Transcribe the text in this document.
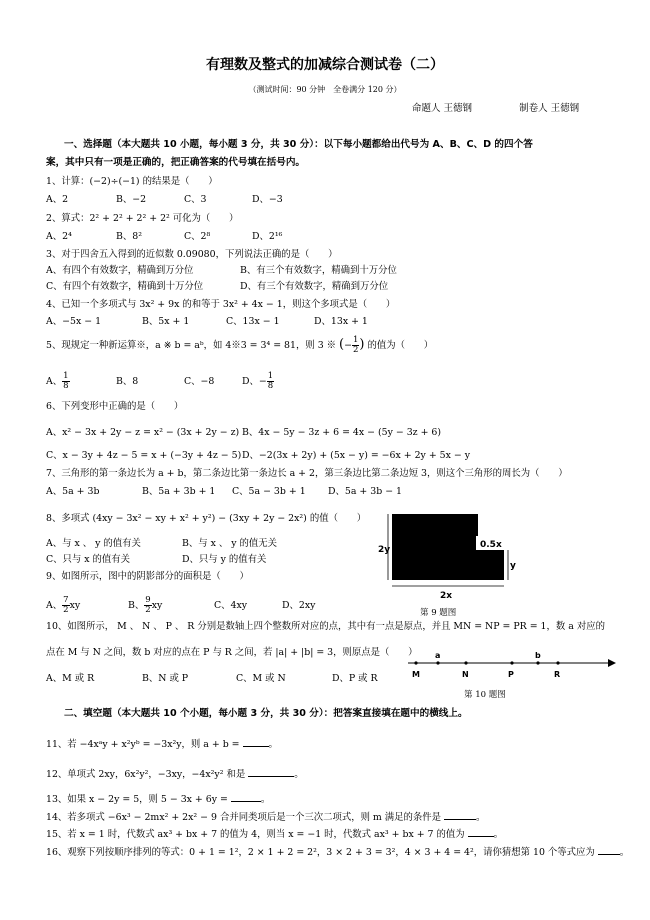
有理数及整式的加减综合测试卷（二）
（测试时间：90 分钟　全卷满分 120 分）
命题人 王德钢	制卷人 王德钢
一、选择题（本大题共 10 小题，每小题 3 分，共 30 分）：以下每小题都给出代号为 A、B、C、D 的四个答
案，其中只有一项是正确的，把正确答案的代号填在括号内。
1、计算：(−2)÷(−1) 的结果是（　　）
A、2	B、−2	C、3	D、−3
2、算式：2² + 2² + 2² + 2² 可化为（　　）
A、2⁴	B、8²	C、2⁸	D、2¹⁶
3、对于四舍五入得到的近似数 0.09080，下列说法正确的是（　　）
A、有四个有效数字，精确到万分位	B、有三个有效数字，精确到十万分位
C、有四个有效数字，精确到十万分位	D、有三个有效数字，精确到万分位
4、已知一个多项式与 3x² + 9x 的和等于 3x² + 4x − 1，则这个多项式是（　　）
A、−5x − 1	B、5x + 1	C、13x − 1	D、13x + 1
5、现规定一种新运算※，a ※ b = aᵇ，如 4※3 = 3⁴ = 81，则 3 ※ (− $\frac{1}{2}$ ) 的值为（　　）
A、 $\frac{1}{8}$	B、8	C、−8	D、− $\frac{1}{8}$
6、下列变形中正确的是（　　）
A、x² − 3x + 2y − z = x² − (3x + 2y − z) B、4x − 5y − 3z + 6 = 4x − (5y − 3z + 6)
C、x − 3y + 4z − 5 = x + (−3y + 4z − 5)D、−2(3x + 2y) + (5x − y) = −6x + 2y + 5x − y
7、三角形的第一条边长为 a + b，第二条边比第一条边长 a + 2，第三条边比第二条边短 3，则这个三角形的周长为（　　）
A、5a + 3b	B、5a + 3b + 1 C、5a − 3b + 1 D、5a + 3b − 1
8、多项式 (4xy − 3x² − xy + x² + y²) − (3xy + 2y − 2x²) 的值（　　）
A、与 x 、 y 的值有关	B、与 x 、 y 的值无关
C、只与 x 的值有关	D、只与 y 的值有关
9、如图所示，图中的阴影部分的面积是（　　）
A、 $\frac{7}{2}$ xy	B、 $\frac{9}{2}$ xy	C、4xy	D、2xy
2y	0.5x
y
2x
第 9 题图
10、如图所示， M 、 N 、 P 、 R 分别是数轴上四个整数所对应的点，其中有一点是原点，并且 MN = NP = PR = 1，数 a 对应的
点在 M 与 N 之间，数 b 对应的点在 P 与 R 之间，若 |a| + |b| = 3，则原点是（　　）
A、M 或 R	B、N 或 P	C、M 或 N	D、P 或 R
a	b
M	N	P	R
第 10 题图
二、填空题（本大题共 10 个小题，每小题 3 分，共 30 分）：把答案直接填在题中的横线上。
11、若 −4xᵃy + x²yᵇ = −3x²y，则 a + b =	。
12、单项式 2xy，6x²y²，−3xy，−4x²y² 和是	。
13、如果 x − 2y = 5，则 5 − 3x + 6y =	。
14、若多项式 −6x³ − 2mx² + 2x² − 9 合并同类项后是一个三次二项式，则 m 满足的条件是	。
15、若 x = 1 时，代数式 ax³ + bx + 7 的值为 4，则当 x = −1 时，代数式 ax³ + bx + 7 的值为	。
16、观察下列按顺序排列的等式：0 + 1 = 1²，2 × 1 + 2 = 2²，3 × 2 + 3 = 3²，4 × 3 + 4 = 4²，请你猜想第 10 个等式应为	。
